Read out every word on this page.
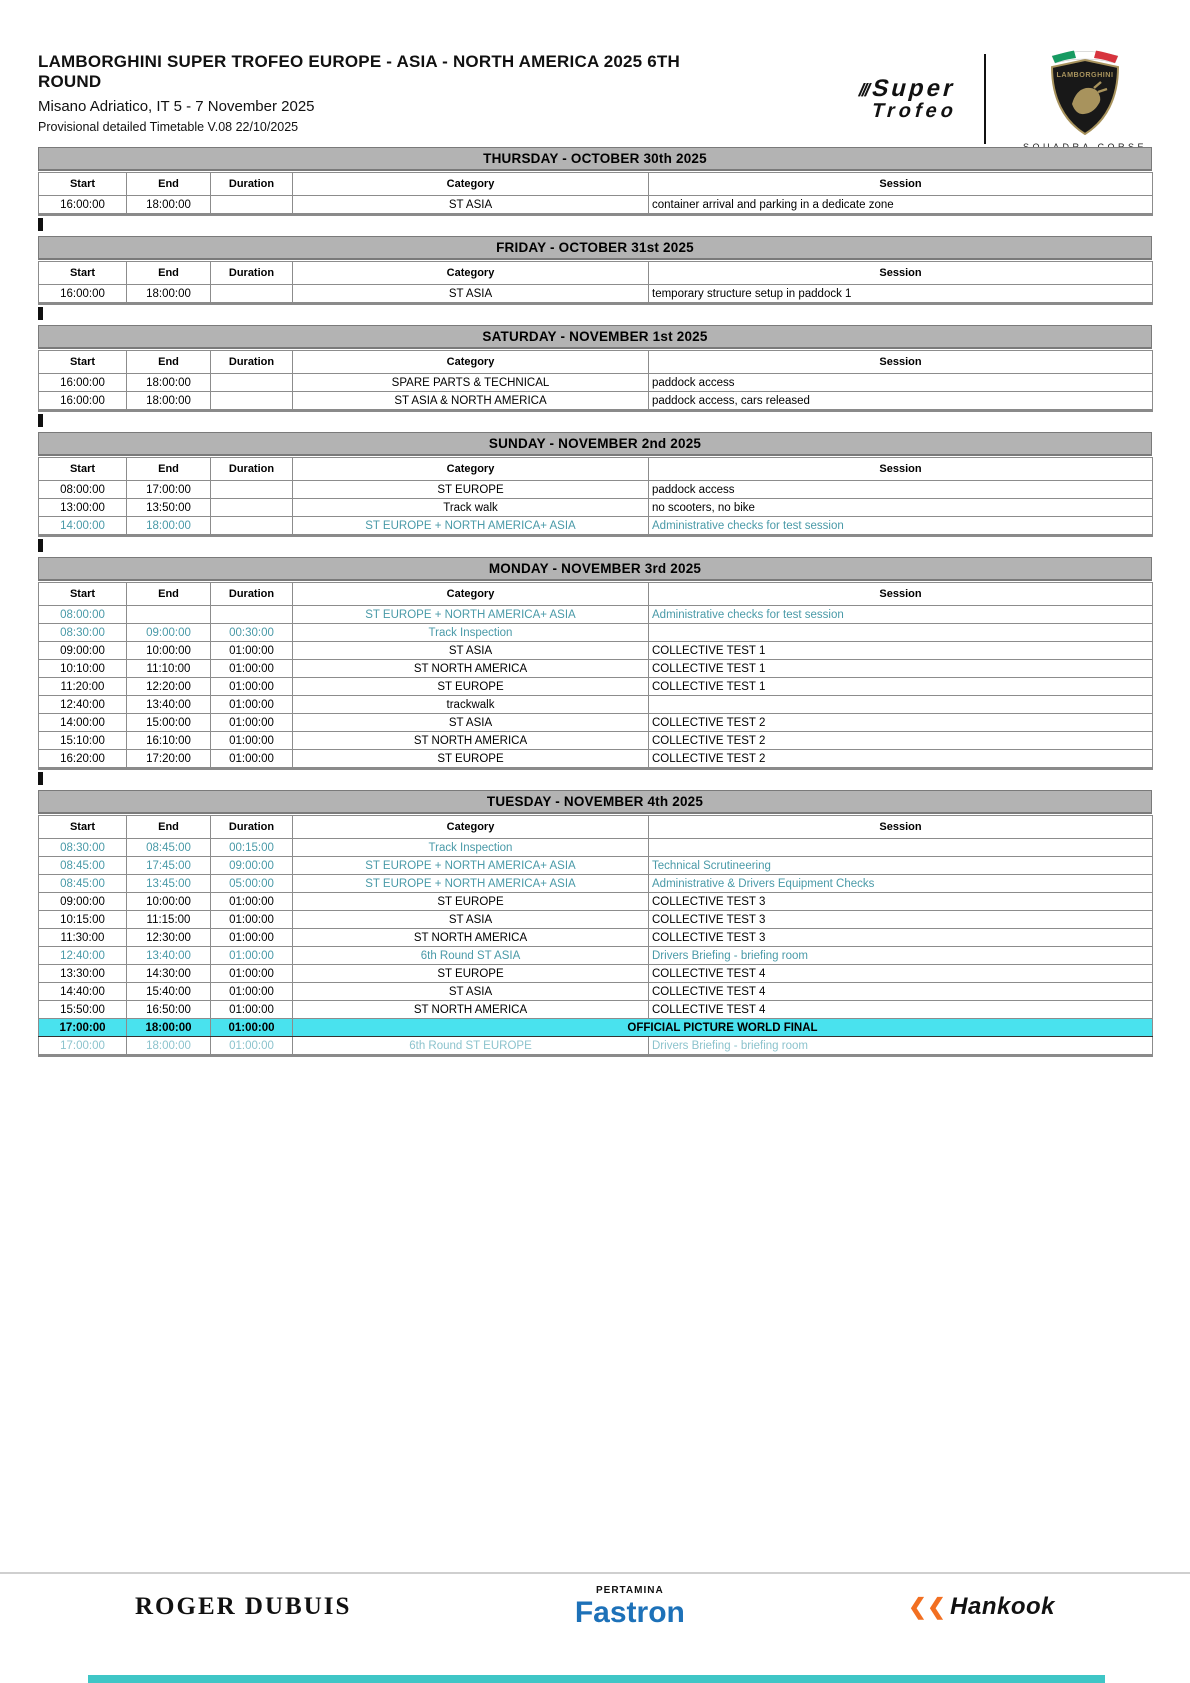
LAMBORGHINI SUPER TROFEO EUROPE - ASIA - NORTH AMERICA 2025 6TH ROUND

Misano Adriatico, IT 5 - 7 November 2025

Provisional detailed Timetable V.08 22/10/2025

///Super
Trofeo
LAMBORGHINI
THURSDAY - OCTOBER 30th 2025
Start	End	Duration	Category	Session
16:00:00	18:00:00		ST ASIA	container arrival and parking in a dedicate zone
FRIDAY - OCTOBER 31st 2025
Start	End	Duration	Category	Session
16:00:00	18:00:00		ST ASIA	temporary structure setup in paddock 1
SATURDAY - NOVEMBER 1st 2025
Start	End	Duration	Category	Session
16:00:00	18:00:00		SPARE PARTS & TECHNICAL	paddock access
16:00:00	18:00:00		ST ASIA & NORTH AMERICA	paddock access, cars released
SUNDAY - NOVEMBER 2nd 2025
Start	End	Duration	Category	Session
08:00:00	17:00:00		ST EUROPE	paddock access
13:00:00	13:50:00		Track walk	no scooters, no bike
14:00:00	18:00:00		ST EUROPE + NORTH AMERICA+ ASIA	Administrative checks for test session
MONDAY - NOVEMBER 3rd 2025
Start	End	Duration	Category	Session
08:00:00			ST EUROPE + NORTH AMERICA+ ASIA	Administrative checks for test session
08:30:00	09:00:00	00:30:00	Track Inspection	
09:00:00	10:00:00	01:00:00	ST ASIA	COLLECTIVE TEST 1
10:10:00	11:10:00	01:00:00	ST NORTH AMERICA	COLLECTIVE TEST 1
11:20:00	12:20:00	01:00:00	ST EUROPE	COLLECTIVE TEST 1
12:40:00	13:40:00	01:00:00	trackwalk	
14:00:00	15:00:00	01:00:00	ST ASIA	COLLECTIVE TEST 2
15:10:00	16:10:00	01:00:00	ST NORTH AMERICA	COLLECTIVE TEST 2
16:20:00	17:20:00	01:00:00	ST EUROPE	COLLECTIVE TEST 2
TUESDAY - NOVEMBER 4th 2025
Start	End	Duration	Category	Session
08:30:00	08:45:00	00:15:00	Track Inspection	
08:45:00	17:45:00	09:00:00	ST EUROPE + NORTH AMERICA+ ASIA	Technical Scrutineering
08:45:00	13:45:00	05:00:00	ST EUROPE + NORTH AMERICA+ ASIA	Administrative & Drivers Equipment Checks
09:00:00	10:00:00	01:00:00	ST EUROPE	COLLECTIVE TEST 3
10:15:00	11:15:00	01:00:00	ST ASIA	COLLECTIVE TEST 3
11:30:00	12:30:00	01:00:00	ST NORTH AMERICA	COLLECTIVE TEST 3
12:40:00	13:40:00	01:00:00	6th Round ST ASIA	Drivers Briefing - briefing room
13:30:00	14:30:00	01:00:00	ST EUROPE	COLLECTIVE TEST 4
14:40:00	15:40:00	01:00:00	ST ASIA	COLLECTIVE TEST 4
15:50:00	16:50:00	01:00:00	ST NORTH AMERICA	COLLECTIVE TEST 4
17:00:00	18:00:00	01:00:00	OFFICIAL PICTURE WORLD FINAL	
17:00:00	18:00:00	01:00:00	6th Round ST EUROPE	Drivers Briefing - briefing room
ROGER DUBUIS
PERTAMINA
Fastron	❮❮ Hankook
